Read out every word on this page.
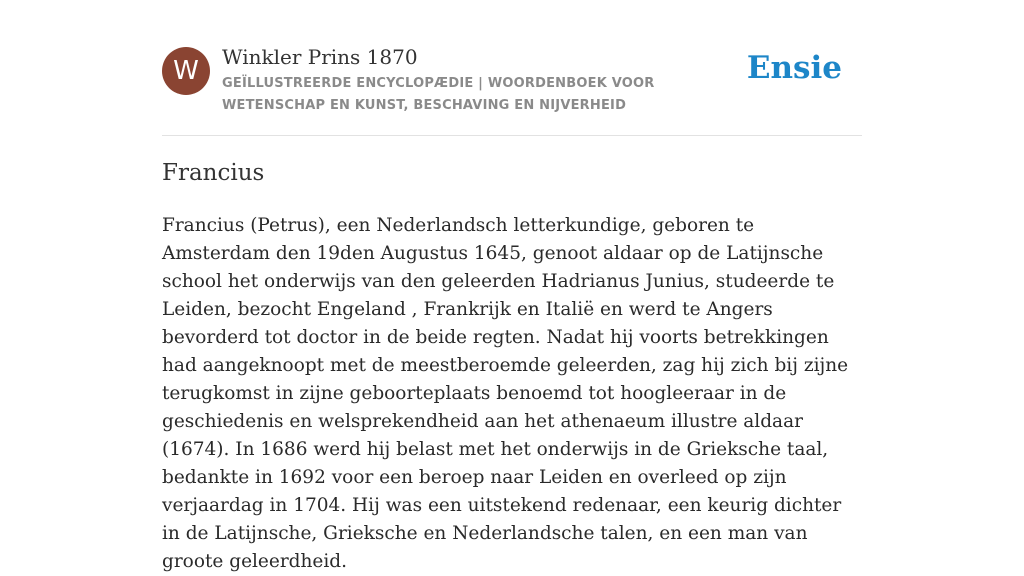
W	Winkler Prins 1870
GEÏLLUSTREERDE ENCYCLOPÆDIE | WOORDENBOEK VOOR WETENSCHAP EN KUNST, BESCHAVING EN NIJVERHEID
Ensie
Francius

Francius (Petrus), een Nederlandsch letterkundige, geboren te Amsterdam den 19den Augustus 1645, genoot aldaar op de Latijnsche school het onderwijs van den geleerden Hadrianus Junius, studeerde te Leiden, bezocht Engeland , Frankrijk en Italië en werd te Angers bevorderd tot doctor in de beide regten. Nadat hij voorts betrekkingen had aangeknoopt met de meestberoemde geleerden, zag hij zich bij zijne terugkomst in zijne geboorteplaats benoemd tot hoogleeraar in de geschiedenis en welsprekendheid aan het athenaeum illustre aldaar (1674). In 1686 werd hij belast met het onderwijs in de Grieksche taal, bedankte in 1692 voor een beroep naar Leiden en overleed op zijn verjaardag in 1704. Hij was een uitstekend redenaar, een keurig dichter in de Latijnsche, Grieksche en Nederlandsche talen, en een man van groote geleerdheid.
